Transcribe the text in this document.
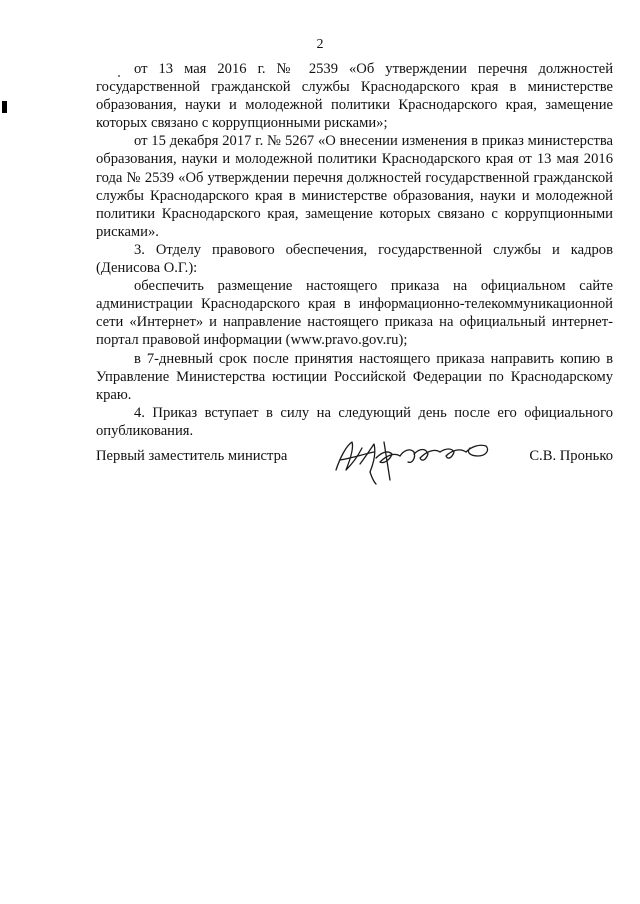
2

от 13 мая 2016 г. № 2539 «Об утверждении перечня должностей государственной гражданской службы Краснодарского края в министерстве образования, науки и молодежной политики Краснодарского края, замещение которых связано с коррупционными рисками»;

от 15 декабря 2017 г. № 5267 «О внесении изменения в приказ министерства образования, науки и молодежной политики Краснодарского края от 13 мая 2016 года № 2539 «Об утверждении перечня должностей государственной гражданской службы Краснодарского края в министерстве образования, науки и молодежной политики Краснодарского края, замещение которых связано с коррупционными рисками».

3. Отделу правового обеспечения, государственной службы и кадров (Денисова О.Г.):

обеспечить размещение настоящего приказа на официальном сайте администрации Краснодарского края в информационно-телекоммуникационной сети «Интернет» и направление настоящего приказа на официальный интернет-портал правовой информации (www.pravo.gov.ru);

в 7-дневный срок после принятия настоящего приказа направить копию в Управление Министерства юстиции Российской Федерации по Краснодарскому краю.

4. Приказ вступает в силу на следующий день после его официального опубликования.

Первый заместитель министра	С.В. Пронько
